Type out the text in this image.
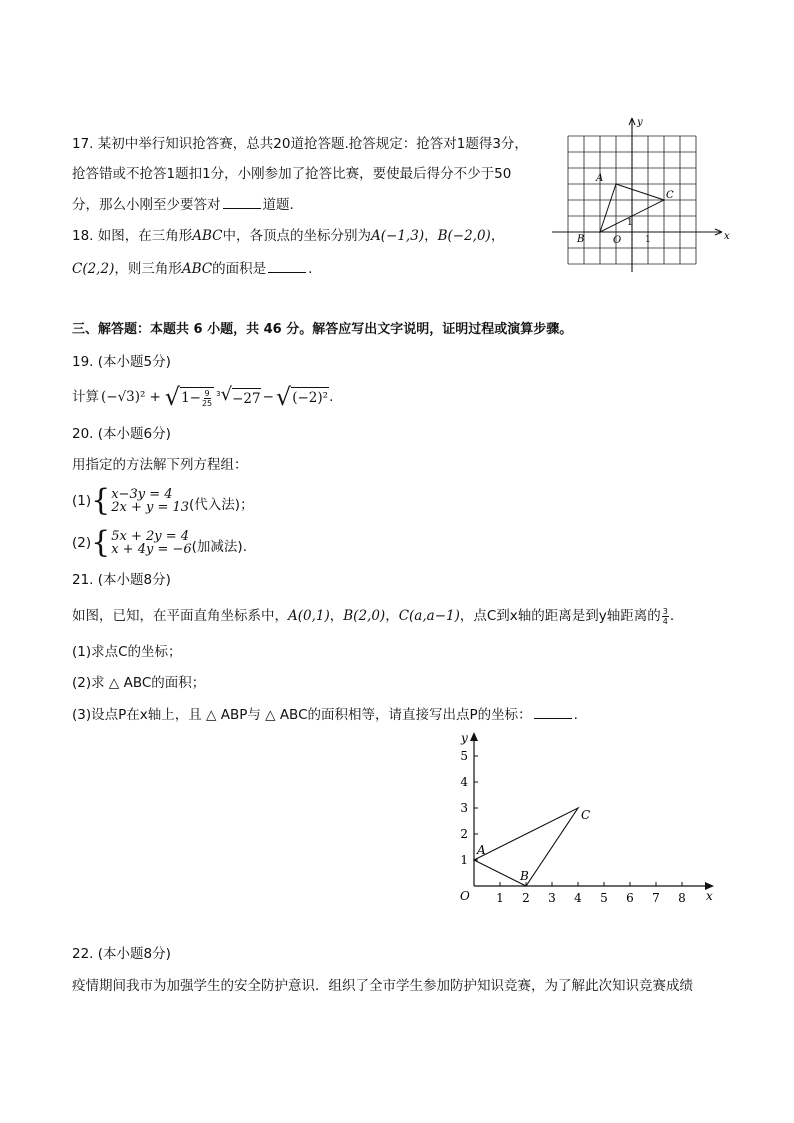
17. 某初中举行知识抢答赛，总共20道抢答题.抢答规定：抢答对1题得3分，
抢答错或不抢答1题扣1分，小刚参加了抢答比赛，要使最后得分不少于50
分，那么小刚至少要答对	道题.
18. 如图，在三角形ABC中，各顶点的坐标分别为A(−1,3)，B(−2,0)，
C(2,2)，则三角形ABC的面积是	.
y
x
A
B
C
O	1
1
三、解答题：本题共 6 小题，共 46 分。解答应写出文字说明，证明过程或演算步骤。
19. (本小题5分)
计算 (−√3)² + √ $1- \frac{9}{25} 3$ √ −27 − √ (−2)² .
20. (本小题6分)
用指定的方法解下列方程组：
(1) { x−3y = 4
2x + y = 13 (代入法)；
(2) { 5x + 2y = 4
x + 4y = −6 (加减法).
21. (本小题8分)
如图，已知，在平面直角坐标系中， A(0,1) ， B(2,0) ， C(a,a−1) ，点C到x轴的距离是到y轴距离的 $\frac{3}{4}$ .
(1)求点C的坐标；
(2)求 △ ABC的面积；
(3)设点P在x轴上，且 △ ABP与 △ ABC的面积相等，请直接写出点P的坐标：	.
1 2 3 4 5 6 7 8
1
2
3
4
5
y
x
O
A
B
C
22. (本小题8分)
疫情期间我市为加强学生的安全防护意识．组织了全市学生参加防护知识竞赛，为了解此次知识竞赛成绩
